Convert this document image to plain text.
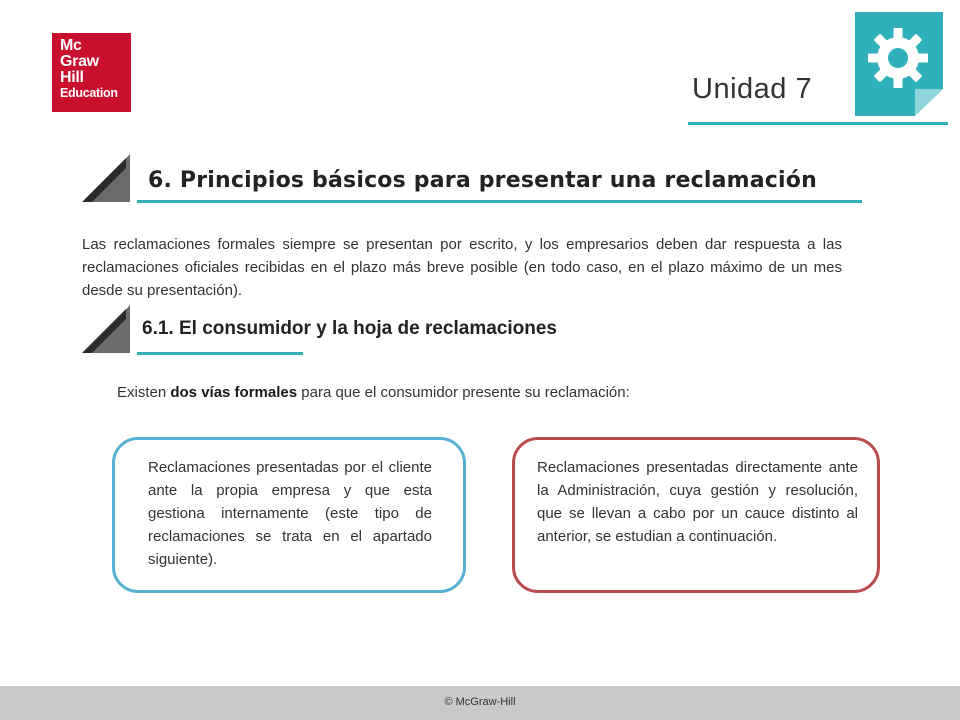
Mc
Graw
Hill
Education	Unidad 7
6. Principios básicos para presentar una reclamación

Las reclamaciones formales siempre se presentan por escrito, y los empresarios deben dar respuesta a las reclamaciones oficiales recibidas en el plazo más breve posible (en todo caso, en el plazo máximo de un mes desde su presentación).

6.1. El consumidor y la hoja de reclamaciones
Existen dos vías formales para que el consumidor presente su reclamación:
Reclamaciones presentadas por el cliente ante la propia empresa y que esta gestiona internamente (este tipo de reclamaciones se trata en el apartado siguiente).
Reclamaciones presentadas directamente ante la Administración, cuya gestión y resolución, que se llevan a cabo por un cauce distinto al anterior, se estudian a continuación.
© McGraw-Hill
